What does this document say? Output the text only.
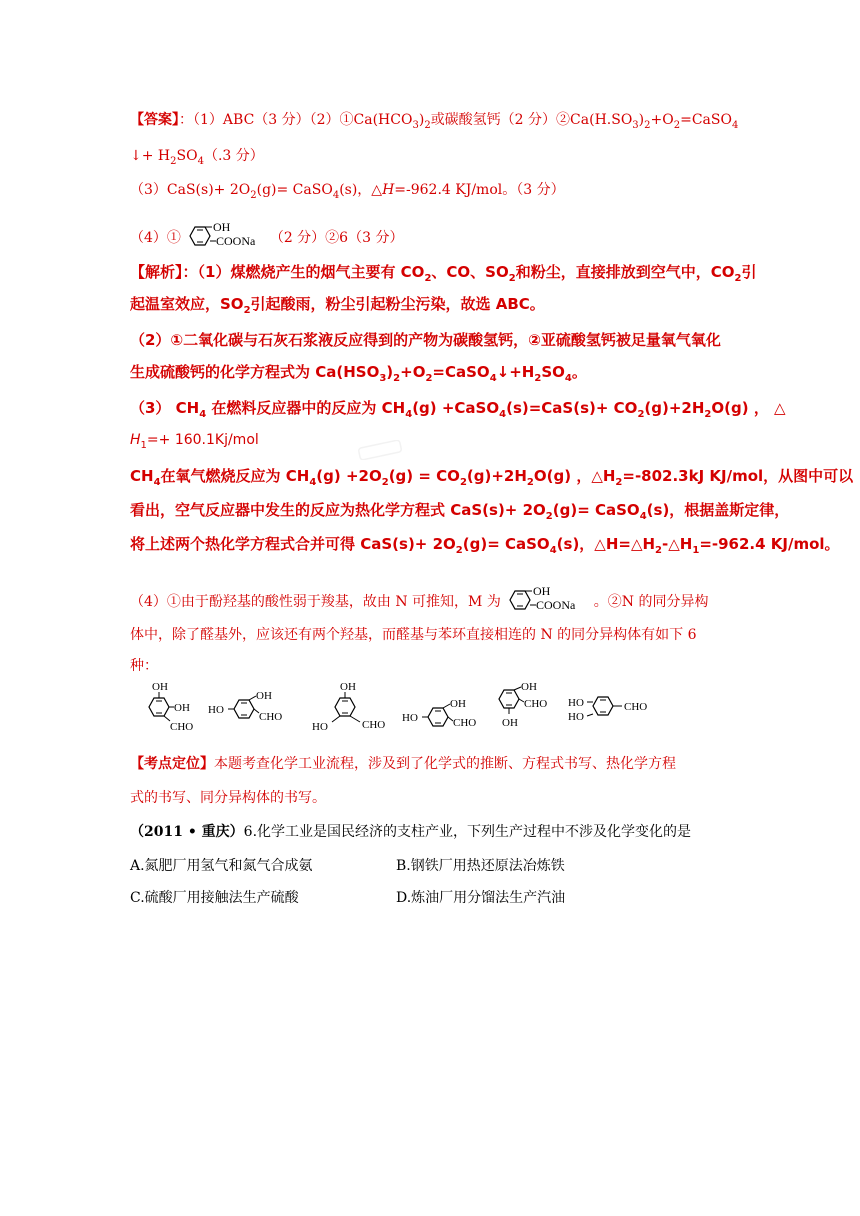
【答案】：（1）ABC（3 分）$(2)①Ca(HCO_3)_2$或碳酸氢钙（2 分）$②Ca(H.SO_3)_2+O_2=CaSO_4$
↓+ $H_2SO_4(.3$ 分）
$(3)CaS(s)+ 2O_2(g)=$ CaSO$_4$(s)，△H=-962.4 KJ/mol。（3 分）
（4）①
OH
COONa （2 分）②6（3 分）
【解析】：（1）煤燃烧产生的烟气主要有 $CO_2$、CO、$SO_2$和粉尘，直接排放到空气中，$CO_2$引
起温室效应，$SO_2$引起酸雨，粉尘引起粉尘污染，故选 ABC。
（2）①二氧化碳与石灰石浆液反应得到的产物为碳酸氢钙，②亚硫酸氢钙被足量氧气氧化
生成硫酸钙的化学方程式为 $Ca(HSO_3)_2+O_2=CaSO_4↓+H_2SO_4$。
（3） $CH_4$ 在燃料反应器中的反应为 $CH_4(g)$ +CaSO$_4$(s)=CaS(s)+ $CO_2(g)+2H_2O(g)$ ， △
$H_1=+ 160.1Kj/mol$
$CH_4$在氧气燃烧反应为 $CH_4(g) +2O_2(g) = CO_2(g)+2H_2O(g)$ ，$\triangle H_2=-802.3kJ$ KJ/mol，从图中可以
看出，空气反应器中发生的反应为热化学方程式 $CaS(s)+ 2O_2(g)=$ CaSO$_4$(s)，根据盖斯定律，
将上述两个热化学方程式合并可得 $CaS(s)+ 2O_2(g)=$ CaSO$_4$(s)，$\triangle H=\triangle H_2-\triangle H_1=-962.4$ KJ/mol。
（4）①由于酚羟基的酸性弱于羧基，故由 N 可推知，M 为
OH
COONa 。②N 的同分异构
体中，除了醛基外，应该还有两个羟基，而醛基与苯环直接相连的 N 的同分异构体有如下 6
种：
OH
OH
CHO
HO
OH
CHO
OH
HO	CHO
HO
OH
CHO
OH
CHO
OH
HO
HO
CHO
【考点定位】本题考查化学工业流程，涉及到了化学式的推断、方程式书写、热化学方程
式的书写、同分异构体的书写。
（2011 • 重庆）6.化学工业是国民经济的支柱产业，下列生产过程中不涉及化学变化的是
A.氮肥厂用氢气和氮气合成氨	B.钢铁厂用热还原法冶炼铁
C.硫酸厂用接触法生产硫酸	D.炼油厂用分馏法生产汽油
